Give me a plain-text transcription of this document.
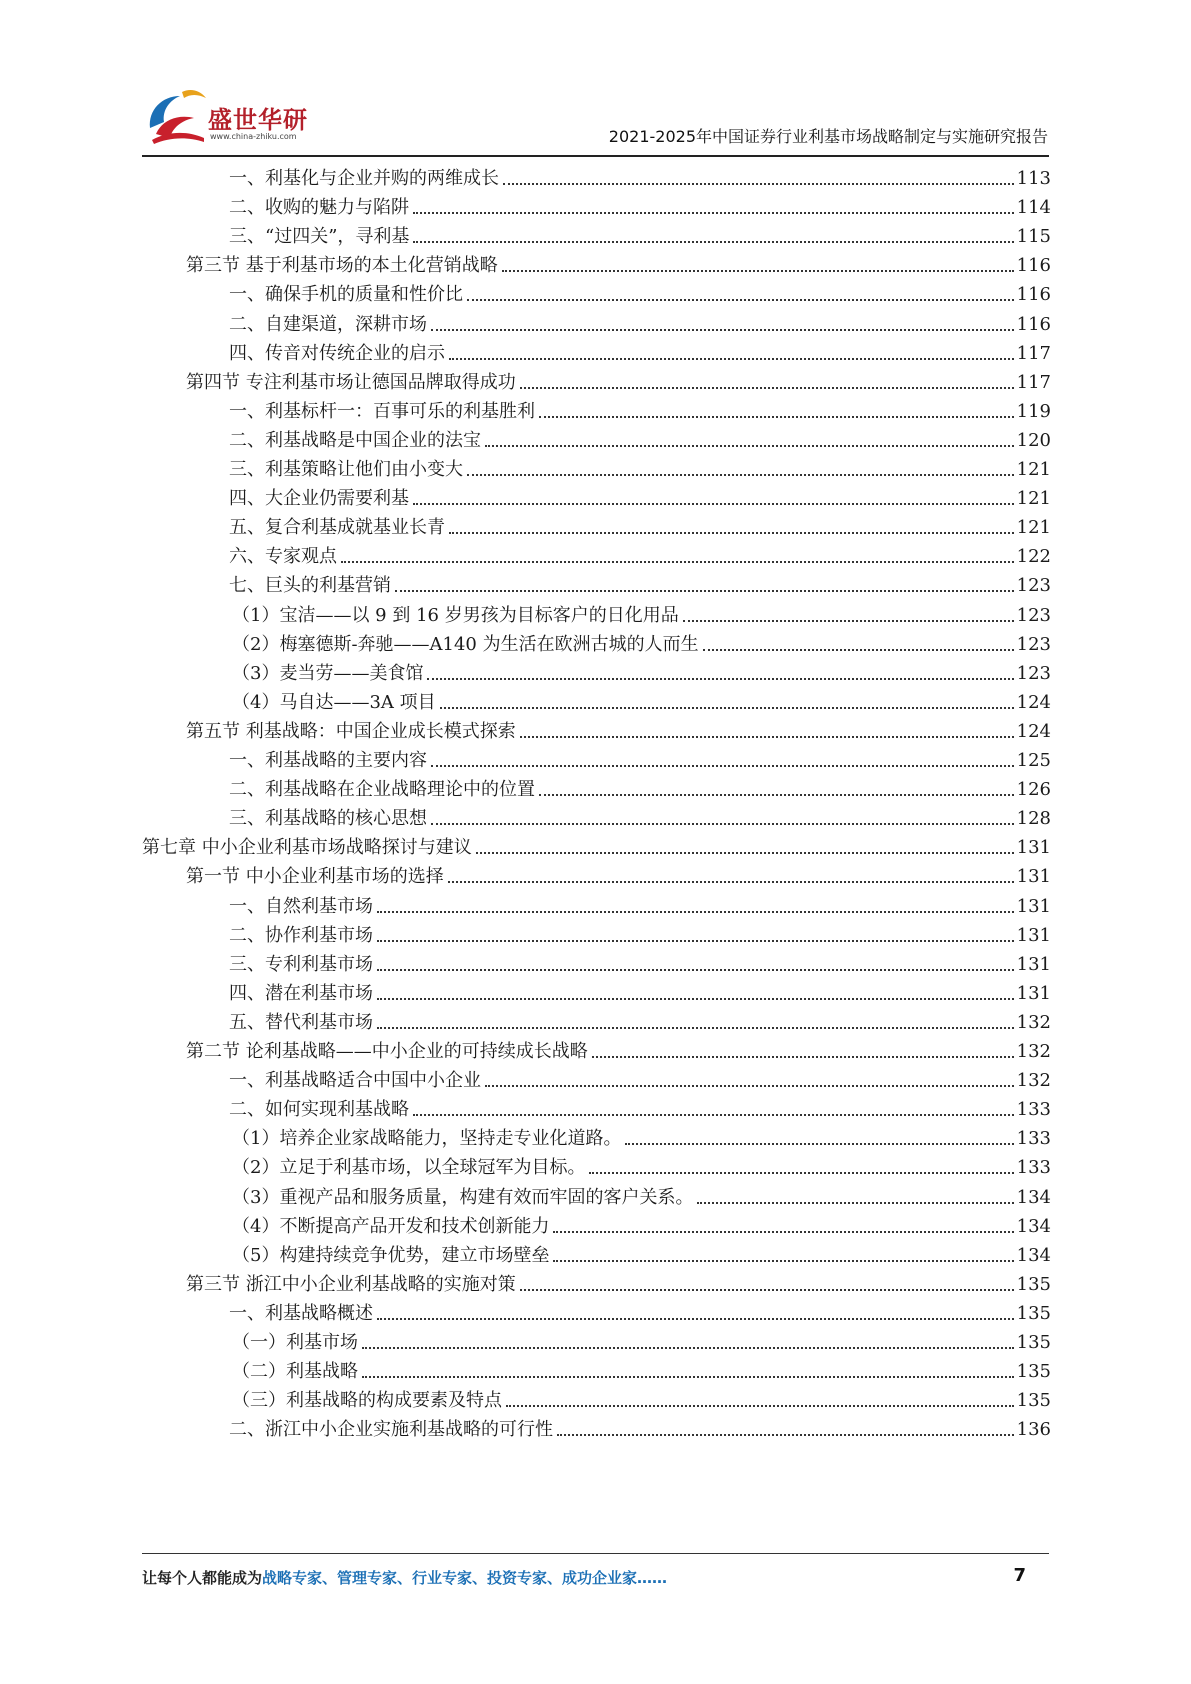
盛世华研
www.china-zhiku.com	2021-2025年中国证券行业利基市场战略制定与实施研究报告
一、利基化与企业并购的两维成长	113
二、收购的魅力与陷阱	114
三、“过四关”，寻利基	115
第三节 基于利基市场的本土化营销战略	116
一、确保手机的质量和性价比	116
二、自建渠道，深耕市场	116
四、传音对传统企业的启示	117
第四节 专注利基市场让德国品牌取得成功	117
一、利基标杆一：百事可乐的利基胜利	119
二、利基战略是中国企业的法宝	120
三、利基策略让他们由小变大	121
四、大企业仍需要利基	121
五、复合利基成就基业长青	121
六、专家观点	122
七、巨头的利基营销	123
（1）宝洁——以 9 到 16 岁男孩为目标客户的日化用品	123
（2）梅塞德斯-奔驰——A140 为生活在欧洲古城的人而生	123
（3）麦当劳——美食馆	123
（4）马自达——3A 项目	124
第五节 利基战略：中国企业成长模式探索	124
一、利基战略的主要内容	125
二、利基战略在企业战略理论中的位置	126
三、利基战略的核心思想	128
第七章 中小企业利基市场战略探讨与建议	131
第一节 中小企业利基市场的选择	131
一、自然利基市场	131
二、协作利基市场	131
三、专利利基市场	131
四、潜在利基市场	131
五、替代利基市场	132
第二节 论利基战略——中小企业的可持续成长战略	132
一、利基战略适合中国中小企业	132
二、如何实现利基战略	133
（1）培养企业家战略能力，坚持走专业化道路。	133
（2）立足于利基市场，以全球冠军为目标。	133
（3）重视产品和服务质量，构建有效而牢固的客户关系。	134
（4）不断提高产品开发和技术创新能力	134
（5）构建持续竞争优势，建立市场壁垒	134
第三节 浙江中小企业利基战略的实施对策	135
一、利基战略概述	135
（一）利基市场	135
（二）利基战略	135
（三）利基战略的构成要素及特点	135
二、浙江中小企业实施利基战略的可行性	136
让每个人都能成为战略专家、管理专家、行业专家、投资专家、成功企业家……	7
